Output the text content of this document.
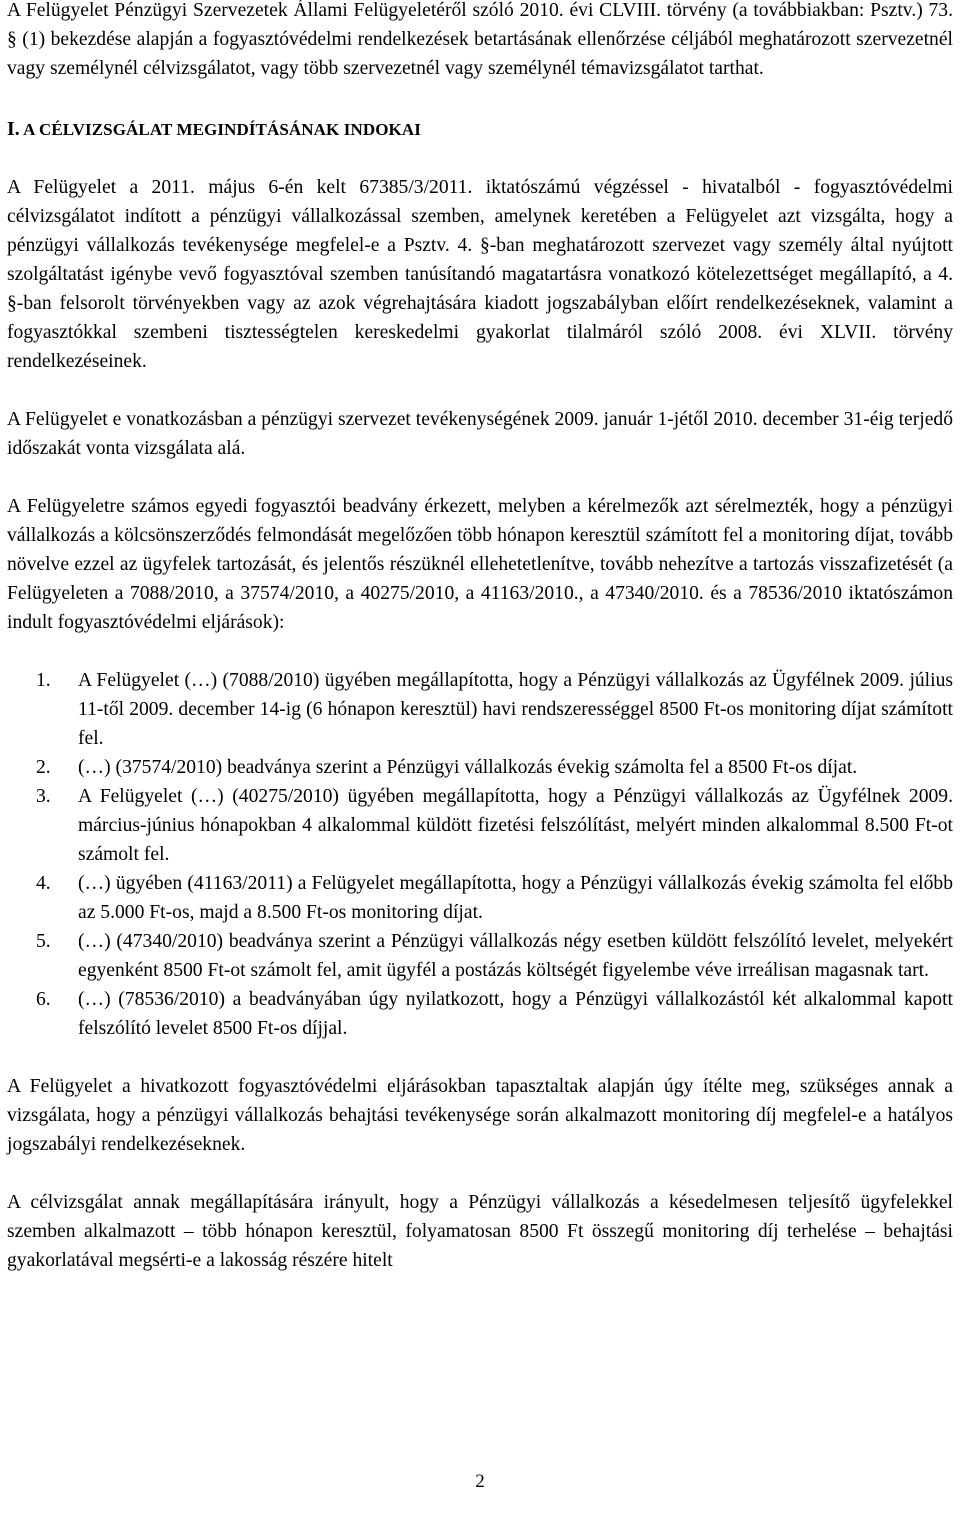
A Felügyelet Pénzügyi Szervezetek Állami Felügyeletéről szóló 2010. évi CLVIII. törvény (a továbbiakban: Psztv.) 73. § (1) bekezdése alapján a fogyasztóvédelmi rendelkezések betartásának ellenőrzése céljából meghatározott szervezetnél vagy személynél célvizsgálatot, vagy több szervezetnél vagy személynél témavizsgálatot tarthat.

I. A CÉLVIZSGÁLAT MEGINDÍTÁSÁNAK INDOKAI

A Felügyelet a 2011. május 6-én kelt 67385/3/2011. iktatószámú végzéssel - hivatalból - fogyasztóvédelmi célvizsgálatot indított a pénzügyi vállalkozással szemben, amelynek keretében a Felügyelet azt vizsgálta, hogy a pénzügyi vállalkozás tevékenysége megfelel-e a Psztv. 4. §-ban meghatározott szervezet vagy személy által nyújtott szolgáltatást igénybe vevő fogyasztóval szemben tanúsítandó magatartásra vonatkozó kötelezettséget megállapító, a 4. §-ban felsorolt törvényekben vagy az azok végrehajtására kiadott jogszabályban előírt rendelkezéseknek, valamint a fogyasztókkal szembeni tisztességtelen kereskedelmi gyakorlat tilalmáról szóló 2008. évi XLVII. törvény rendelkezéseinek.

A Felügyelet e vonatkozásban a pénzügyi szervezet tevékenységének 2009. január 1-jétől 2010. december 31-éig terjedő időszakát vonta vizsgálata alá.

A Felügyeletre számos egyedi fogyasztói beadvány érkezett, melyben a kérelmezők azt sérelmezték, hogy a pénzügyi vállalkozás a kölcsönszerződés felmondását megelőzően több hónapon keresztül számított fel a monitoring díjat, tovább növelve ezzel az ügyfelek tartozását, és jelentős részüknél ellehetetlenítve, tovább nehezítve a tartozás visszafizetését (a Felügyeleten a 7088/2010, a 37574/2010, a 40275/2010, a 41163/2010., a 47340/2010. és a 78536/2010 iktatószámon indult fogyasztóvédelmi eljárások):

1. A Felügyelet (…) (7088/2010) ügyében megállapította, hogy a Pénzügyi vállalkozás az Ügyfélnek 2009. július 11-től 2009. december 14-ig (6 hónapon keresztül) havi rendszerességgel 8500 Ft-os monitoring díjat számított fel.
2. (…) (37574/2010) beadványa szerint a Pénzügyi vállalkozás évekig számolta fel a 8500 Ft-os díjat.
3. A Felügyelet (…) (40275/2010) ügyében megállapította, hogy a Pénzügyi vállalkozás az Ügyfélnek 2009. március-június hónapokban 4 alkalommal küldött fizetési felszólítást, melyért minden alkalommal 8.500 Ft-ot számolt fel.
4. (…) ügyében (41163/2011) a Felügyelet megállapította, hogy a Pénzügyi vállalkozás évekig számolta fel előbb az 5.000 Ft-os, majd a 8.500 Ft-os monitoring díjat.
5. (…) (47340/2010) beadványa szerint a Pénzügyi vállalkozás négy esetben küldött felszólító levelet, melyekért egyenként 8500 Ft-ot számolt fel, amit ügyfél a postázás költségét figyelembe véve irreálisan magasnak tart.
6. (…) (78536/2010) a beadványában úgy nyilatkozott, hogy a Pénzügyi vállalkozástól két alkalommal kapott felszólító levelet 8500 Ft-os díjjal.

A Felügyelet a hivatkozott fogyasztóvédelmi eljárásokban tapasztaltak alapján úgy ítélte meg, szükséges annak a vizsgálata, hogy a pénzügyi vállalkozás behajtási tevékenysége során alkalmazott monitoring díj megfelel-e a hatályos jogszabályi rendelkezéseknek.

A célvizsgálat annak megállapítására irányult, hogy a Pénzügyi vállalkozás a késedelmesen teljesítő ügyfelekkel szemben alkalmazott – több hónapon keresztül, folyamatosan 8500 Ft összegű monitoring díj terhelése – behajtási gyakorlatával megsérti-e a lakosság részére hitelt

2
